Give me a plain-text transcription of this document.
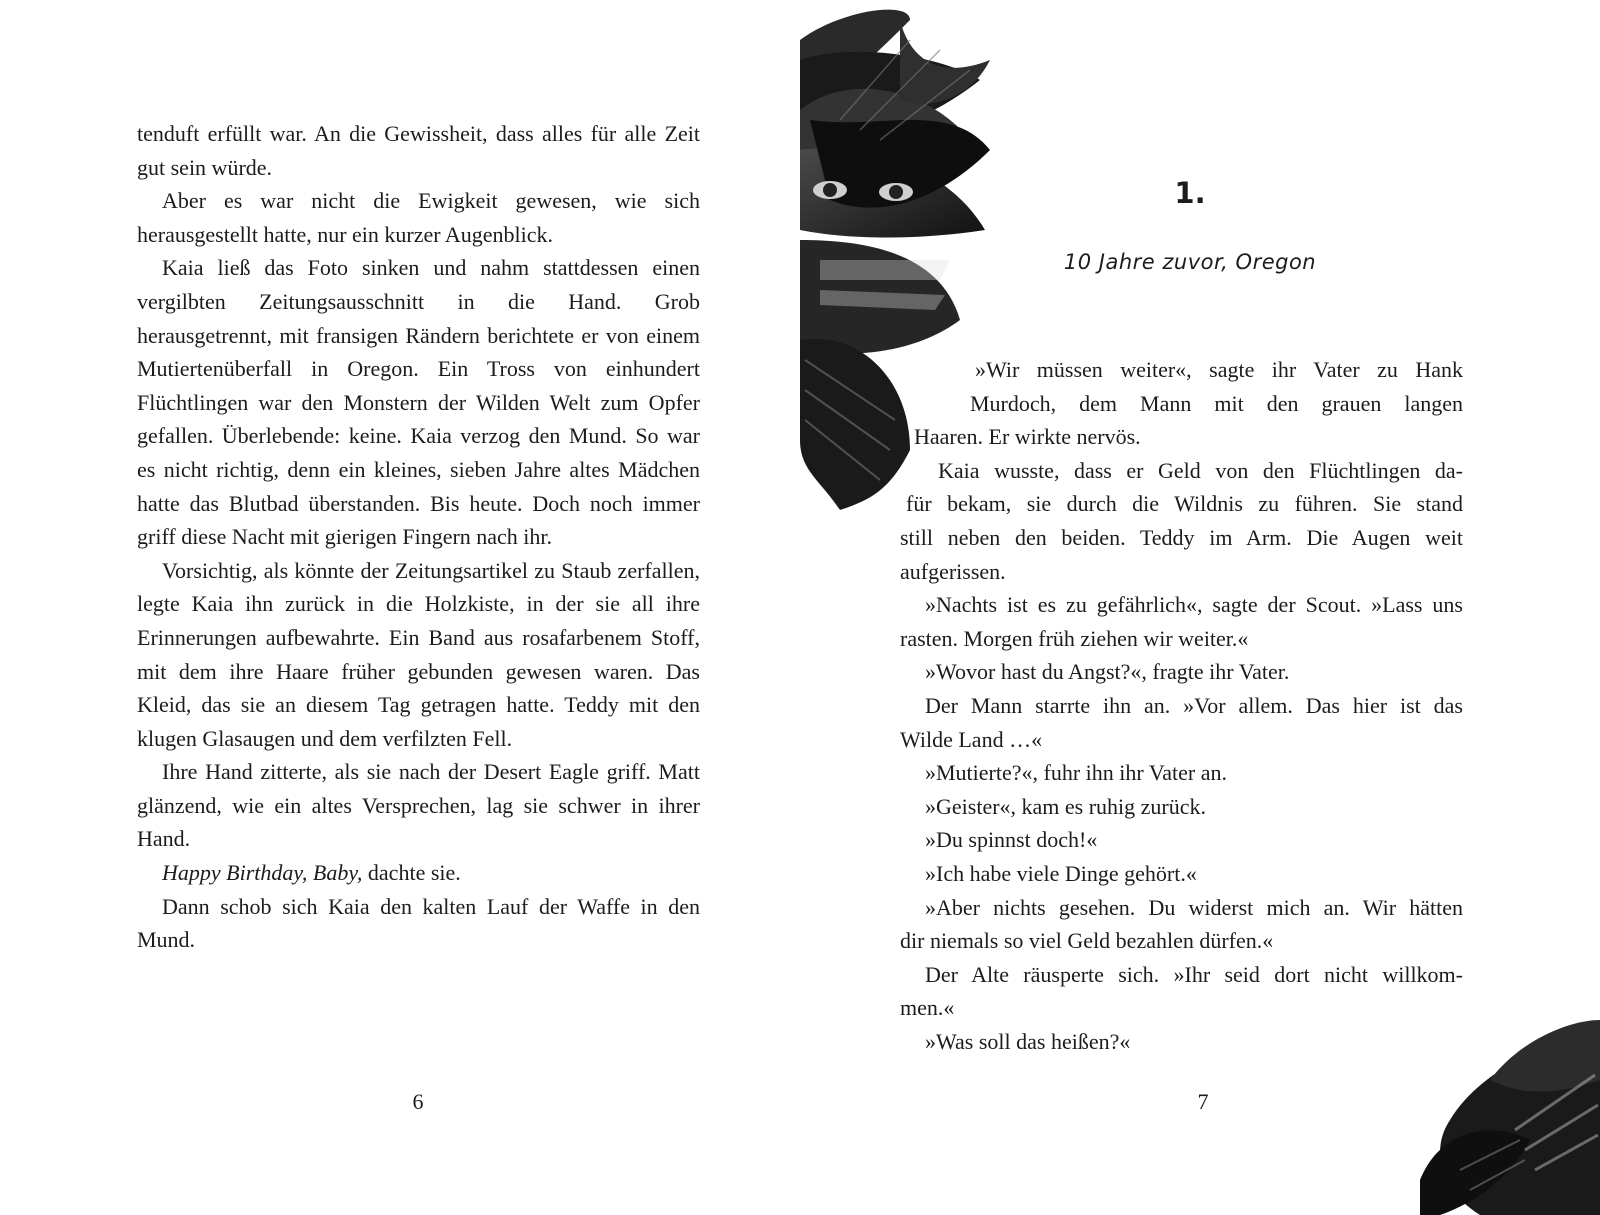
tenduft erfüllt war. An die Gewissheit, dass alles für alle Zeit gut sein würde.

Aber es war nicht die Ewigkeit gewesen, wie sich herausgestellt hatte, nur ein kurzer Augenblick.

Kaia ließ das Foto sinken und nahm stattdessen einen vergilbten Zeitungsausschnitt in die Hand. Grob herausgetrennt, mit fransigen Rändern berichtete er von einem Mutiertenüberfall in Oregon. Ein Tross von einhundert Flüchtlingen war den Monstern der Wilden Welt zum Opfer gefallen. Überlebende: keine. Kaia verzog den Mund. So war es nicht richtig, denn ein kleines, sieben Jahre altes Mädchen hatte das Blutbad überstanden. Bis heute. Doch noch immer griff diese Nacht mit gierigen Fingern nach ihr.

Vorsichtig, als könnte der Zeitungsartikel zu Staub zerfallen, legte Kaia ihn zurück in die Holzkiste, in der sie all ihre Erinnerungen aufbewahrte. Ein Band aus rosafarbenem Stoff, mit dem ihre Haare früher gebunden gewesen waren. Das Kleid, das sie an diesem Tag getragen hatte. Teddy mit den klugen Glasaugen und dem verfilzten Fell.

Ihre Hand zitterte, als sie nach der Desert Eagle griff. Matt glänzend, wie ein altes Versprechen, lag sie schwer in ihrer Hand.

Happy Birthday, Baby, dachte sie.

Dann schob sich Kaia den kalten Lauf der Waffe in den Mund.

6
1.
10 Jahre zuvor, Oregon
»Wir müssen weiter«, sagte ihr Vater zu Hank
Murdoch, dem Mann mit den grauen langen
Haaren. Er wirkte nervös.
Kaia wusste, dass er Geld von den Flüchtlingen da-
für bekam, sie durch die Wildnis zu führen. Sie stand
still neben den beiden. Teddy im Arm. Die Augen weit
aufgerissen.
»Nachts ist es zu gefährlich«, sagte der Scout. »Lass uns
rasten. Morgen früh ziehen wir weiter.«
»Wovor hast du Angst?«, fragte ihr Vater.
Der Mann starrte ihn an. »Vor allem. Das hier ist das
Wilde Land …«
»Mutierte?«, fuhr ihn ihr Vater an.
»Geister«, kam es ruhig zurück.
»Du spinnst doch!«
»Ich habe viele Dinge gehört.«
»Aber nichts gesehen. Du widerst mich an. Wir hätten
dir niemals so viel Geld bezahlen dürfen.«
Der Alte räusperte sich. »Ihr seid dort nicht willkom-
men.«
»Was soll das heißen?«
7
